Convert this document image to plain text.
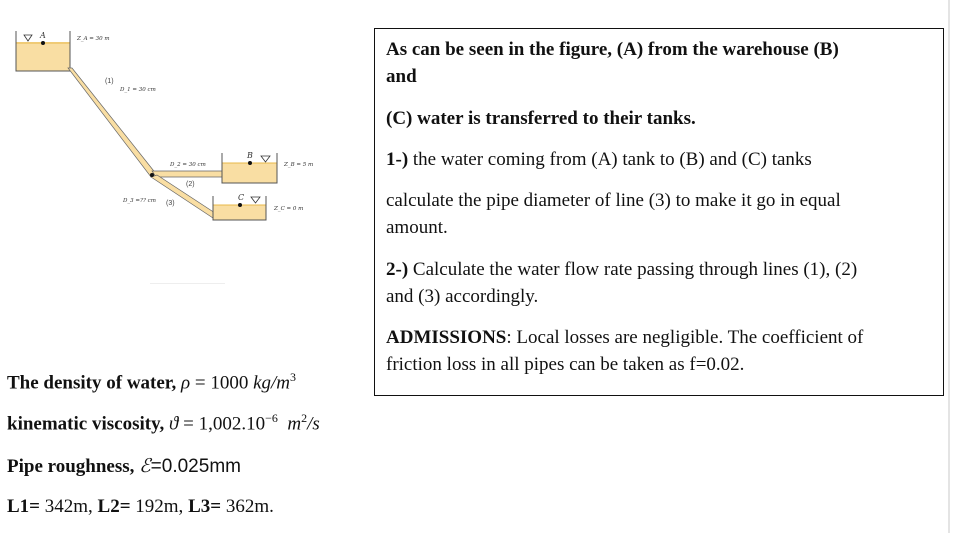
A
B
C
Z_A = 30 m
Z_B = 5 m
Z_C = 0 m
D_1 = 30 cm
D_2 = 30 cm
D_3 =?? cm
(1)
(2)
(3)
As can be seen in the figure, (A) from the warehouse (B)
and
(C) water is transferred to their tanks.
1-) the water coming from (A) tank to (B) and (C) tanks
calculate the pipe diameter of line (3) to make it go in equal
amount.
2-) Calculate the water flow rate passing through lines (1), (2)
and (3) accordingly.
ADMISSIONS: Local losses are negligible. The coefficient of
friction loss in all pipes can be taken as f=0.02.
The density of water, ρ = 1000 $kg/m^3$
kinematic viscosity, $ϑ = 1,002.10^{-6}$ $m^2/s$
Pipe roughness, ℰ=0.025mm
L1= 342m, L2= 192m, L3= 362m.
